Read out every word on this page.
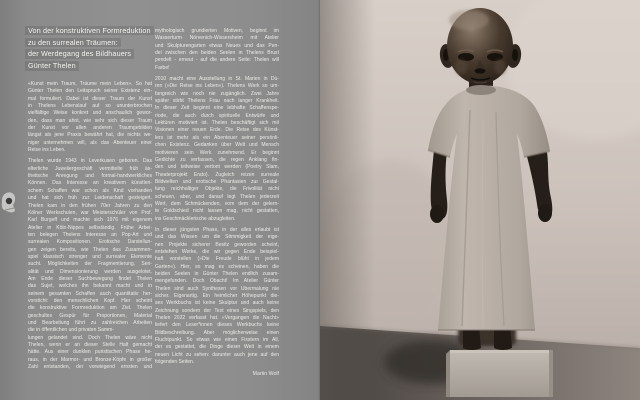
Von der konstruktiven Formreduktion
zu den surrealen Träumen:
der Werdegang des Bildhauers
Günter Thelen

«Kunst mein Traum, Träume mein Leben». So hat
Günter Thelen den Leitspruch seiner Existenz ein-
mal formuliert. Dabei ist dieser Traum der Kunst
in Thelens Lebenslauf auf so ununterbrochen
vielfältige Weise konkret und anschaulich gewor-
den, dass man ahnt, wie sehr sich dieser Traum
der Kunst vor allen anderen Traumgebilden
längst als jene Praxis bewährt hat, die nichts we-
niger unternehmen will, als das Abenteuer einer
Reise ins Leben.

Thelen wurde 1943 in Leverkusen geboren. Das
elterliche Juweliergeschäft vermittelte früh äs-
thetische Anregung und formal-handwerkliches
Können. Das Interesse an kreativem künstleri-
schem Schaffen war schon als Kind vorhanden
und hat sich früh zur Leidenschaft gesteigert.
Thelen kam in den frühen 70er Jahren zu den
Kölner Werkschulen, war Meisterschüler von Prof.
Karl Burgeff und machte sich 1976 mit eigenem
Atelier in Köln-Nippes selbständig. Frühe Arbei-
ten belegen Thelens Interesse an Pop-Art und
surrealen Kompositionen. Erotische Darstellun-
gen zeigen bereits, wie Thelen das Zusammen-
spiel klassisch strenger und surrealer Elemente
sucht. Möglichkeiten der Fragmentierung, Seri-
alität und Dimensionierung werden ausgelotet.
Am Ende dieser Suchbewegung findet Thelen
das Sujet, welches ihn bekannt macht und in
seinem gesamten Schaffen auch quantitativ her-
vorsticht: den menschlichen Kopf. Hier scheint
die konstruktive Formreduktion am Ziel. Thelen
geschultes Gespür für Proportionen, Material
und Bearbeitung führt zu zahlreichen Arbeiten
die in öffentlichen und privaten Samm-
lungen gelandet sind. Doch Thelen wäre nicht
Thelen, wenn er an dieser Stelle Halt gemacht
hätte. Aus einer dunklen puristischen Phase he-
raus, in der Marmor- und Bronze-Köpfe in großer
Zahl entstanden, der vorwiegend ernsten und

mythologisch grundierten Motiven, beginnt im
Wasserturm Nörvenich-Wissersheim mit Atelier
und Skulpturengarten etwas Neues und das Pen-
del zwischen den beiden Seelen in Thelens Brust
pendelt - erneut - auf die andere Seite: Thelen will
Farbe!

2010 macht eine Ausstellung in St. Marien in Dü-
ren (»Die Reise ins Leben«). Thelens Werk so um-
fangreich wie noch nie zugänglich. Zwei Jahre
später stirbt Thelens Frau nach langer Krankheit.
In dieser Zeit beginnt eine lebhafte Schaffenspe-
riode, die auch durch spirituelle Entwürfe und
Lektüren motiviert ist. Thelen beschäftigt sich mit
Visionen einer neuen Erde. Die Reise des Künst-
lers ist mehr als ein Abenteuer seiner persönli-
chen Existenz. Gedanken über Welt und Mensch
motivieren sein Werk zunehmend. Er beginnt
Gedichte zu verfassen, die regen Anklang fin-
den und teilweise vertont werden (Poetry Slam,
Theaterprojekt Erato). Zugleich reizen surreale
Bildwelten und erotische Phantasien zur Gestal-
tung reichhaltiger Objekte, die Frivolität nicht
scheuen, aber, und darauf legt Thelen jederzeit
Wert, dem Schmückenden, vom dem der gelern-
te Goldschied nicht lassen mag, nicht gestatten,
ins Geschmäcklerische abzugleiten.

In dieser jüngsten Phase, in der alles erlaubt ist
und das Wissen um die Stimmigkeit der eige-
nen Projekte sicherer Besitz geworden scheint,
entstehen Werke, die wir gegen Ende beispiel-
haft vorstellen (»Die Freude blüht in jedem
Garten«). Hier, so mag es scheinen, haben die
beiden Seelen in Günter Thelen endlich zusam-
mengefunden. Doch Obacht! Im Atelier Günter
Thelen sind auch Synthesen vor Übermalung nie
sicher. Eigenartig. Ein heimlicher Höhepunkt die-
ses Werkbuchs ist keine Skulptur und auch keine
Zeichnung sondern der Text eines Singspiels, den
Thelen 2022 verfasst hat. «Vergangen die Nacht»
liefert den Leser*innen dieses Werkbuchs keine
Bildbeschreibung. Aber möglicherweise einen
Fluchtpunkt. So etwas wie einen Fixstern im All,
der es gestattet, die Dinge dieser Welt in einem
neuen Licht zu sehen: darunter auch jene auf den
folgenden Seiten.

Martin Wolf
